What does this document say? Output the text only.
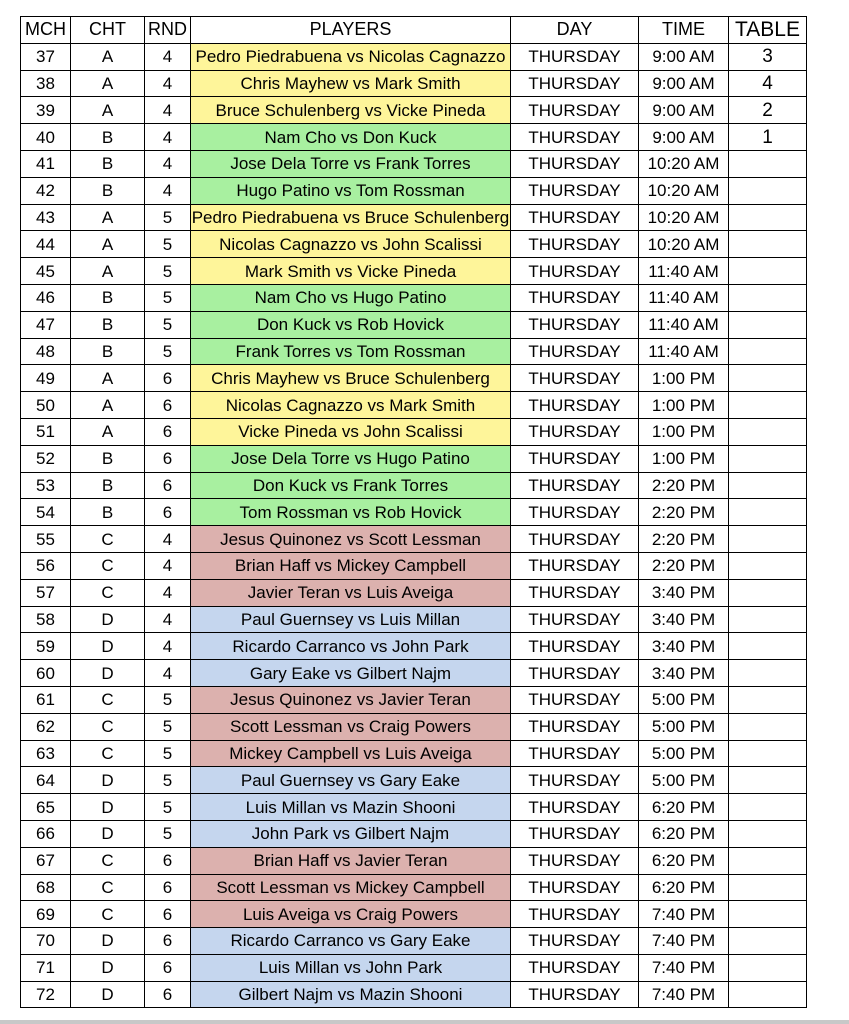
MCH	CHT	RND	PLAYERS	DAY	TIME	TABLE
37	A	4	Pedro Piedrabuena vs Nicolas Cagnazzo	THURSDAY	9:00 AM	3
38	A	4	Chris Mayhew vs Mark Smith	THURSDAY	9:00 AM	4
39	A	4	Bruce Schulenberg vs Vicke Pineda	THURSDAY	9:00 AM	2
40	B	4	Nam Cho vs Don Kuck	THURSDAY	9:00 AM	1
41	B	4	Jose Dela Torre vs Frank Torres	THURSDAY	10:20 AM	
42	B	4	Hugo Patino vs Tom Rossman	THURSDAY	10:20 AM	
43	A	5	Pedro Piedrabuena vs Bruce Schulenberg	THURSDAY	10:20 AM	
44	A	5	Nicolas Cagnazzo vs John Scalissi	THURSDAY	10:20 AM	
45	A	5	Mark Smith vs Vicke Pineda	THURSDAY	11:40 AM	
46	B	5	Nam Cho vs Hugo Patino	THURSDAY	11:40 AM	
47	B	5	Don Kuck vs Rob Hovick	THURSDAY	11:40 AM	
48	B	5	Frank Torres vs Tom Rossman	THURSDAY	11:40 AM	
49	A	6	Chris Mayhew vs Bruce Schulenberg	THURSDAY	1:00 PM	
50	A	6	Nicolas Cagnazzo vs Mark Smith	THURSDAY	1:00 PM	
51	A	6	Vicke Pineda vs John Scalissi	THURSDAY	1:00 PM	
52	B	6	Jose Dela Torre vs Hugo Patino	THURSDAY	1:00 PM	
53	B	6	Don Kuck vs Frank Torres	THURSDAY	2:20 PM	
54	B	6	Tom Rossman vs Rob Hovick	THURSDAY	2:20 PM	
55	C	4	Jesus Quinonez vs Scott Lessman	THURSDAY	2:20 PM	
56	C	4	Brian Haff vs Mickey Campbell	THURSDAY	2:20 PM	
57	C	4	Javier Teran vs Luis Aveiga	THURSDAY	3:40 PM	
58	D	4	Paul Guernsey vs Luis Millan	THURSDAY	3:40 PM	
59	D	4	Ricardo Carranco vs John Park	THURSDAY	3:40 PM	
60	D	4	Gary Eake vs Gilbert Najm	THURSDAY	3:40 PM	
61	C	5	Jesus Quinonez vs Javier Teran	THURSDAY	5:00 PM	
62	C	5	Scott Lessman vs Craig Powers	THURSDAY	5:00 PM	
63	C	5	Mickey Campbell vs Luis Aveiga	THURSDAY	5:00 PM	
64	D	5	Paul Guernsey vs Gary Eake	THURSDAY	5:00 PM	
65	D	5	Luis Millan vs Mazin Shooni	THURSDAY	6:20 PM	
66	D	5	John Park vs Gilbert Najm	THURSDAY	6:20 PM	
67	C	6	Brian Haff vs Javier Teran	THURSDAY	6:20 PM	
68	C	6	Scott Lessman vs Mickey Campbell	THURSDAY	6:20 PM	
69	C	6	Luis Aveiga vs Craig Powers	THURSDAY	7:40 PM	
70	D	6	Ricardo Carranco vs Gary Eake	THURSDAY	7:40 PM	
71	D	6	Luis Millan vs John Park	THURSDAY	7:40 PM	
72	D	6	Gilbert Najm vs Mazin Shooni	THURSDAY	7:40 PM	
